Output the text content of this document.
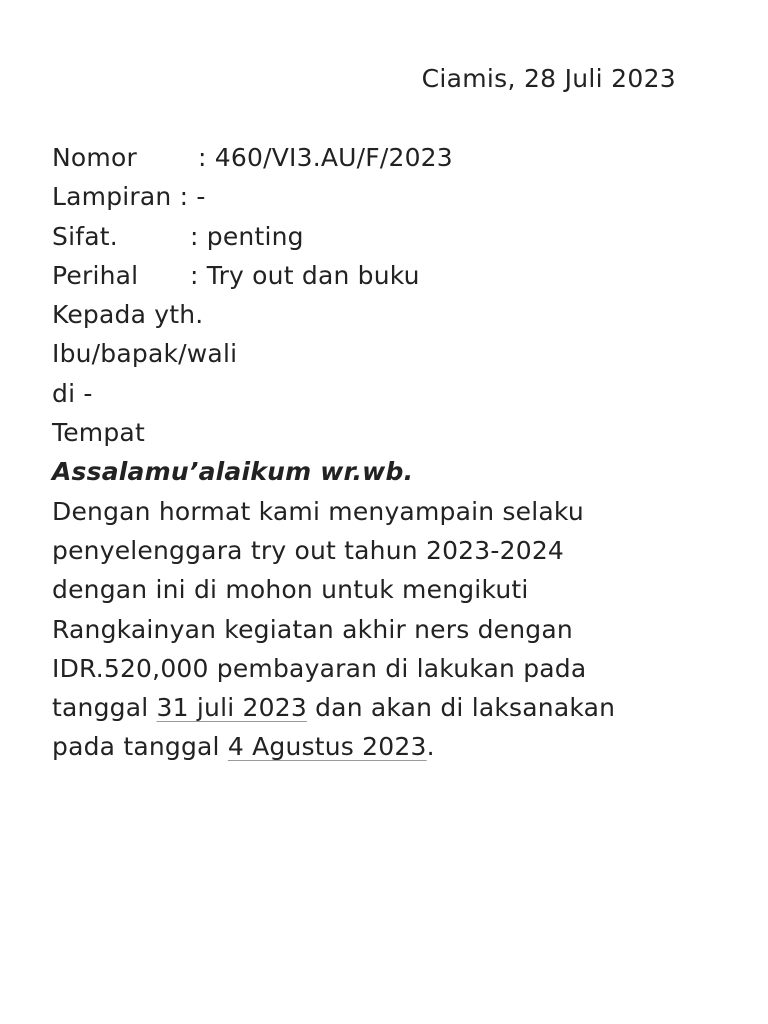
Ciamis, 28 Juli 2023
Nomor : 460/VI3.AU/F/2023
Lampiran : -
Sifat.	: penting
Perihal : Try out dan buku
Kepada yth.
Ibu/bapak/wali
di -
Tempat
Assalamu’alaikum wr.wb.
Dengan hormat kami menyampain selaku
penyelenggara try out tahun 2023-2024
dengan ini di mohon untuk mengikuti
Rangkainyan kegiatan akhir ners dengan
IDR.520,000 pembayaran di lakukan pada
tanggal 31 juli 2023 dan akan di laksanakan
pada tanggal 4 Agustus 2023.
